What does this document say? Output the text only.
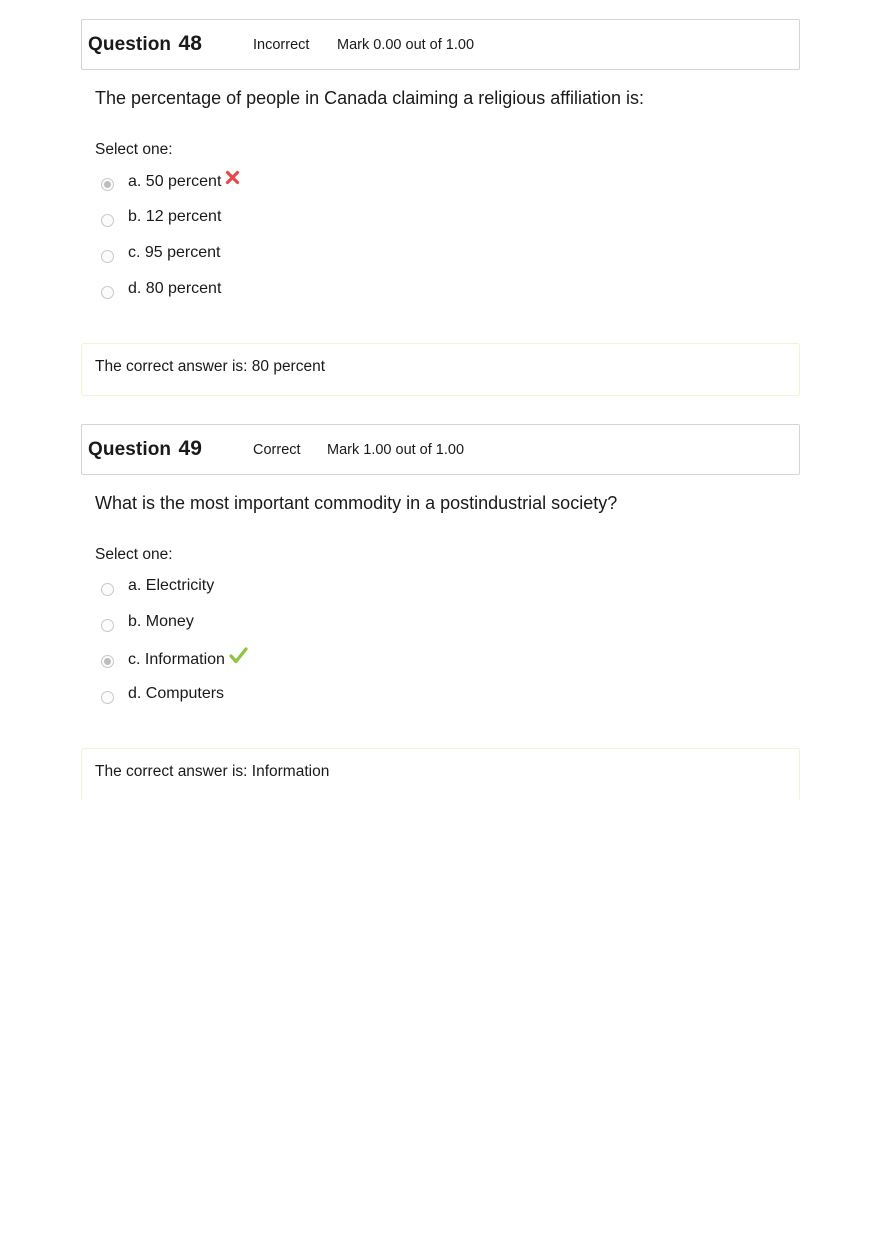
Question 48	Incorrect Mark 0.00 out of 1.00
The percentage of people in Canada claiming a religious affiliation is:
Select one:
a. 50 percent
b. 12 percent
c. 95 percent
d. 80 percent
The correct answer is: 80 percent
Question 49	Correct Mark 1.00 out of 1.00
What is the most important commodity in a postindustrial society?
Select one:
a. Electricity
b. Money
c. Information
d. Computers
The correct answer is: Information
